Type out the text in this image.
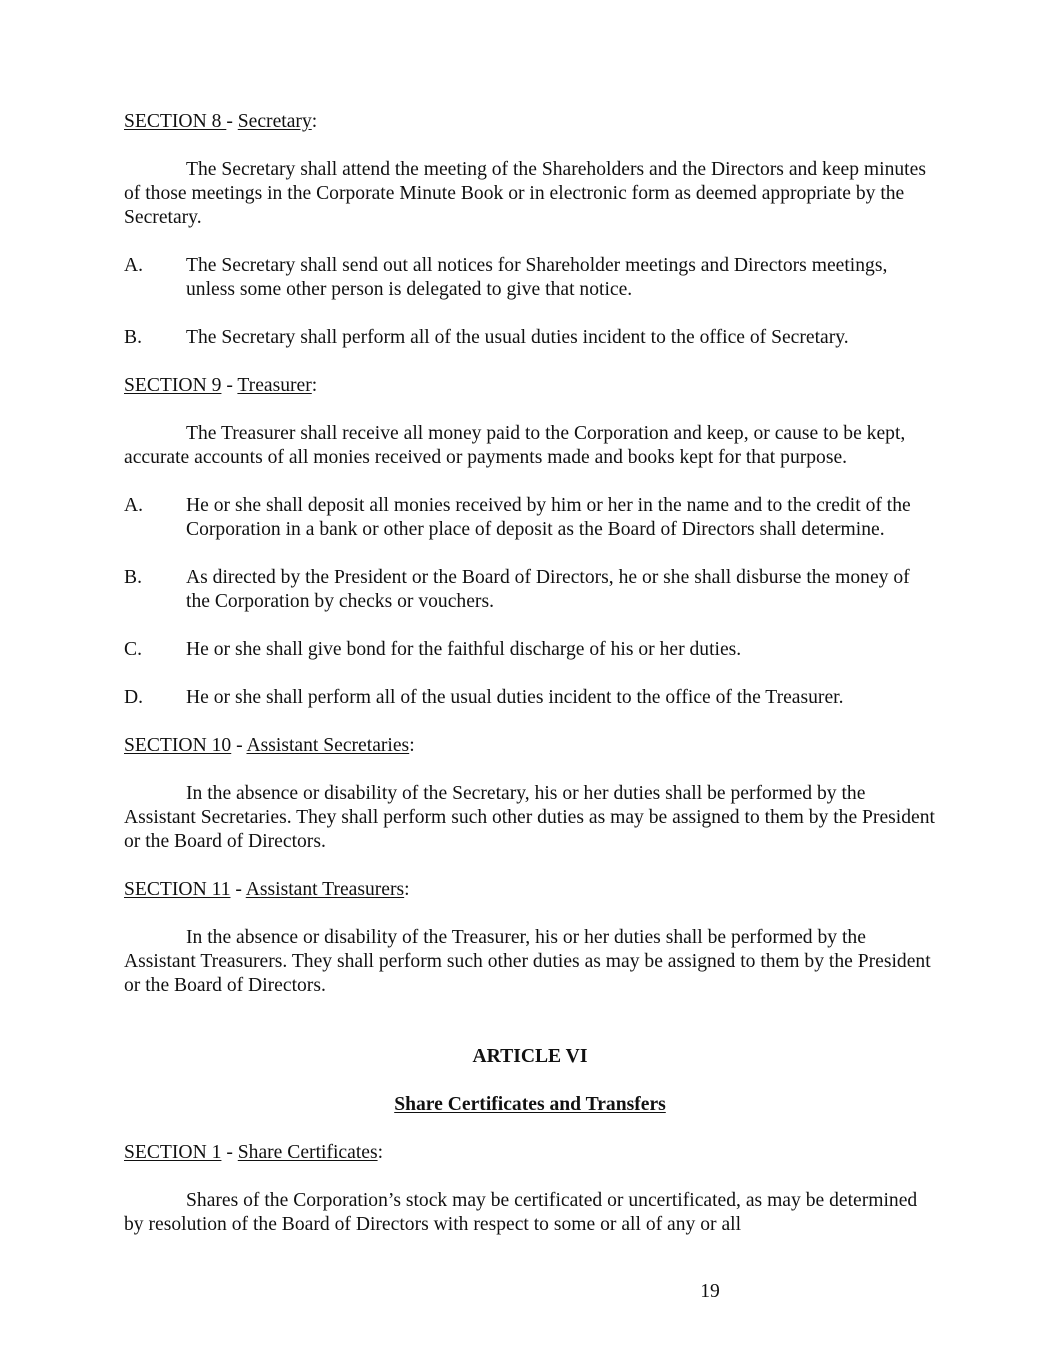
SECTION 8 - Secretary:

The Secretary shall attend the meeting of the Shareholders and the Directors and keep minutes of those meetings in the Corporate Minute Book or in electronic form as deemed appropriate by the Secretary.

A.	The Secretary shall send out all notices for Shareholder meetings and Directors meetings, unless some other person is delegated to give that notice.
B.	The Secretary shall perform all of the usual duties incident to the office of Secretary.
SECTION 9 - Treasurer:

The Treasurer shall receive all money paid to the Corporation and keep, or cause to be kept, accurate accounts of all monies received or payments made and books kept for that purpose.

A.	He or she shall deposit all monies received by him or her in the name and to the credit of the Corporation in a bank or other place of deposit as the Board of Directors shall determine.
B.	As directed by the President or the Board of Directors, he or she shall disburse the money of the Corporation by checks or vouchers.
C.	He or she shall give bond for the faithful discharge of his or her duties.
D.	He or she shall perform all of the usual duties incident to the office of the Treasurer.
SECTION 10 - Assistant Secretaries:

In the absence or disability of the Secretary, his or her duties shall be performed by the Assistant Secretaries. They shall perform such other duties as may be assigned to them by the President or the Board of Directors.

SECTION 11 - Assistant Treasurers:

In the absence or disability of the Treasurer, his or her duties shall be performed by the Assistant Treasurers. They shall perform such other duties as may be assigned to them by the President or the Board of Directors.

ARTICLE VI
Share Certificates and Transfers
SECTION 1 - Share Certificates:

Shares of the Corporation’s stock may be certificated or uncertificated, as may be determined by resolution of the Board of Directors with respect to some or all of any or all

19
